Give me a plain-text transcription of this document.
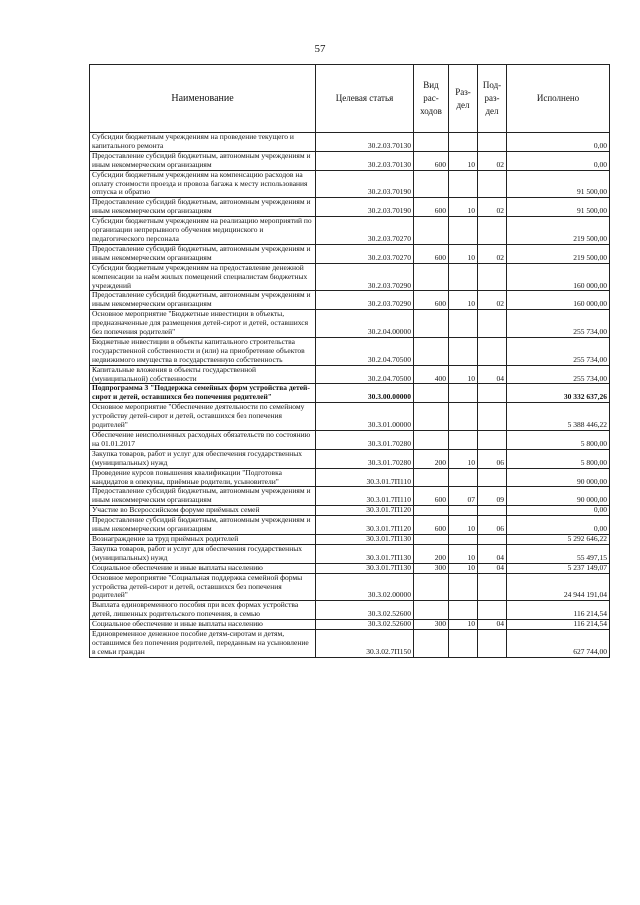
57
Наименование	Целевая статья	Вид рас-ходов	Раз-дел	Под-раз-дел	Исполнено
Субсидии бюджетным учреждениям на проведение текущего и капитального ремонта	30.2.03.70130				0,00
Предоставление субсидий бюджетным, автономным учреждениям и иным некоммерческим организациям	30.2.03.70130	600	10	02	0,00
Субсидии бюджетным учреждениям на компенсацию расходов на оплату стоимости проезда и провоза багажа к месту использования отпуска и обратно	30.2.03.70190				91 500,00
Предоставление субсидий бюджетным, автономным учреждениям и иным некоммерческим организациям	30.2.03.70190	600	10	02	91 500,00
Субсидии бюджетным учреждениям на реализацию мероприятий по организации непрерывного обучения медицинского и педагогического персонала	30.2.03.70270				219 500,00
Предоставление субсидий бюджетным, автономным учреждениям и иным некоммерческим организациям	30.2.03.70270	600	10	02	219 500,00
Субсидии бюджетным учреждениям на предоставление денежной компенсации за наём жилых помещений специалистам бюджетных учреждений	30.2.03.70290				160 000,00
Предоставление субсидий бюджетным, автономным учреждениям и иным некоммерческим организациям	30.2.03.70290	600	10	02	160 000,00
Основное мероприятие "Бюджетные инвестиции в объекты, предназначенные для размещения детей-сирот и детей, оставшихся без попечения родителей"	30.2.04.00000				255 734,00
Бюджетные инвестиции в объекты капитального строительства государственной собственности и (или) на приобретение объектов недвижимого имущества в государственную собственность	30.2.04.70500				255 734,00
Капитальные вложения в объекты государственной (муниципальной) собственности	30.2.04.70500	400	10	04	255 734,00
Подпрограмма 3 "Поддержка семейных форм устройства детей-сирот и детей, оставшихся без попечения родителей"	30.3.00.00000				30 332 637,26
Основное мероприятие "Обеспечение деятельности по семейному устройству детей-сирот и детей, оставшихся без попечения родителей"	30.3.01.00000				5 388 446,22
Обеспечение неисполненных расходных обязательств по состоянию на 01.01.2017	30.3.01.70280				5 800,00
Закупка товаров, работ и услуг для обеспечения государственных (муниципальных) нужд	30.3.01.70280	200	10	06	5 800,00
Проведение курсов повышения квалификации "Подготовка кандидатов в опекуны, приёмные родители, усыновители"	30.3.01.7П110				90 000,00
Предоставление субсидий бюджетным, автономным учреждениям и иным некоммерческим организациям	30.3.01.7П110	600	07	09	90 000,00
Участие во Всероссийском форуме приёмных семей	30.3.01.7П120				0,00
Предоставление субсидий бюджетным, автономным учреждениям и иным некоммерческим организациям	30.3.01.7П120	600	10	06	0,00
Вознаграждение за труд приёмных родителей	30.3.01.7П130				5 292 646,22
Закупка товаров, работ и услуг для обеспечения государственных (муниципальных) нужд	30.3.01.7П130	200	10	04	55 497,15
Социальное обеспечение и иные выплаты населению	30.3.01.7П130	300	10	04	5 237 149,07
Основное мероприятие "Социальная поддержка семейной формы устройства детей-сирот и детей, оставшихся без попечения родителей"	30.3.02.00000				24 944 191,04
Выплата единовременного пособия при всех формах устройства детей, лишенных родительского попечения, в семью	30.3.02.52600				116 214,54
Социальное обеспечение и иные выплаты населению	30.3.02.52600	300	10	04	116 214,54
Единовременное денежное пособие детям-сиротам и детям, оставшимся без попечения родителей, переданным на усыновление в семьи граждан	30.3.02.7П150				627 744,00
